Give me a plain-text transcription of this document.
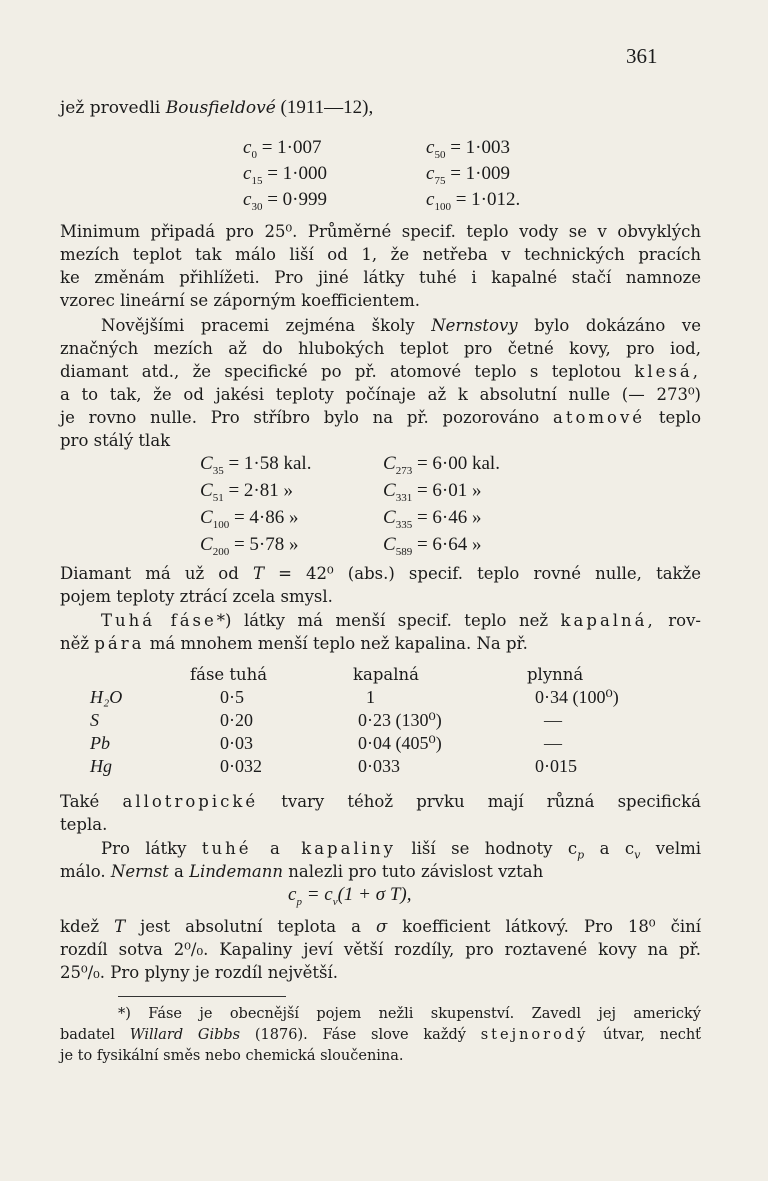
361
jež provedli Bousfieldové (1911—12),
$c_0 = 1\cdot 007$	$c_{50} = 1\cdot 003$
$c_{15} = 1\cdot 000$	$c_{75} = 1\cdot 009$
$c_{30} = 0\cdot 999$	$c_{100} = 1\cdot 012$.
Minimum připadá pro 25⁰. Průměrné specif. teplo vody se v obvyklých
mezích teplot tak málo liší od 1, že netřeba v technických pracích
ke změnám přihlížeti. Pro jiné látky tuhé i kapalné stačí namnoze
vzorec lineární se záporným koefficientem.
Novějšími pracemi zejména školy Nernstovy bylo dokázáno ve
značných mezích až do hlubokých teplot pro četné kovy, pro iod,
diamant atd., že specifické po př. atomové teplo s teplotou klesá,
a to tak, že od jakési teploty počínaje až k absolutní nulle (— 273⁰)
je rovno nulle. Pro stříbro bylo na př. pozorováno atomové teplo
pro stálý tlak
$C_{35} = 1\cdot 58$ kal.	$C_{273} = 6\cdot 00$ kal.
$C_{51} = 2\cdot 81$ »	$C_{331} = 6\cdot 01$ »
$C_{100} = 4\cdot 86$ »	$C_{335} = 6\cdot 46$ »
$C_{200} = 5\cdot 78$ »	$C_{589} = 6\cdot 64$ »
Diamant má už od T = 42⁰ (abs.) specif. teplo rovné nulle, takže
pojem teploty ztrácí zcela smysl.
Tuhá fáse*) látky má menší specif. teplo než kapalná, rov-
něž pára má mnohem menší teplo než kapalina. Na př.
fáse tuhá	kapalná	plynná
H₂O	0·5	1	0·34 (100⁰)
S	0·20	0·23 (130⁰)	—
Pb	0·03	0·04 (405⁰)	—
Hg	0·032	0·033	0·015
Také allotropické tvary téhož prvku mají různá specifická
tepla.
Pro látky tuhé a kapaliny liší se hodnoty $c_p$ a $c_v$ velmi
málo. Nernst a Lindemann nalezli pro tuto závislost vztah
$c_p = c_v(1 + \sigma$ T),
kdež T jest absolutní teplota a σ koefficient látkový. Pro 18⁰ činí
rozdíl sotva 2⁰/₀. Kapaliny jeví větší rozdíly, pro roztavené kovy na př.
25⁰/₀. Pro plyny je rozdíl největší.
*) Fáse je obecnější pojem nežli skupenství. Zavedl jej americký
badatel Willard Gibbs (1876). Fáse slove každý stejnorodý útvar, nechť
je to fysikální směs nebo chemická sloučenina.
